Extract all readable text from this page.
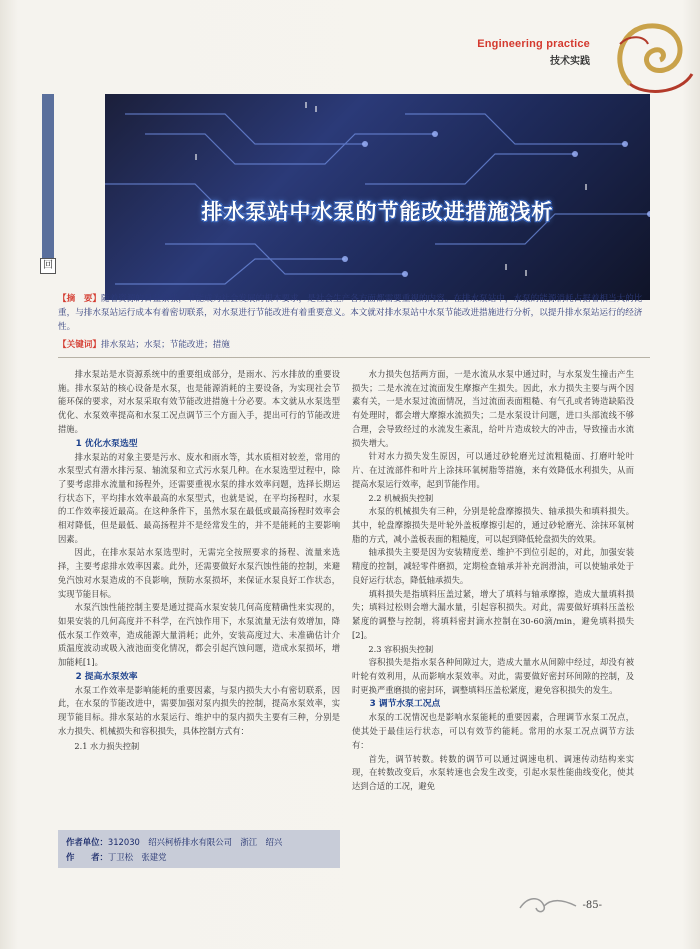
Engineering practice
技术实践
回
排水泵站中水泵的节能改进措施浅析
【摘　要】随着资源的日益紧张，节能成为社会发展的根本要求，是社会生产各方面都需要重视的内容。在排水泵站中，水泵的能源消耗占据着相当大的比重，与排水泵站运行成本有着密切联系，对水泵进行节能改进有着重要意义。本文就对排水泵站中水泵节能改进措施进行分析，以提升排水泵站运行的经济性。
【关键词】排水泵站；水泵；节能改进；措施

排水泵站是水资源系统中的重要组成部分，是雨水、污水排放的重要设施。排水泵站的核心设备是水泵，也是能源消耗的主要设备，为实现社会节能环保的要求，对水泵采取有效节能改进措施十分必要。本文就从水泵选型优化、水泵效率提高和水泵工况点调节三个方面入手，提出可行的节能改进措施。

1 优化水泵选型

排水泵站的对象主要是污水、废水和雨水等，其水质相对较差，常用的水泵型式有潜水排污泵、轴流泵和立式污水泵几种。在水泵选型过程中，除了要考虑排水流量和扬程外，还需要重视水泵的排水效率问题，选择长期运行状态下，平均排水效率最高的水泵型式，也就是说，在平均扬程时，水泵的工作效率接近最高。在这种条件下，虽然水泵在最低或最高扬程时效率会相对降低，但是最低、最高扬程并不是经常发生的，并不是能耗的主要影响因素。

因此，在排水泵站水泵选型时，无需完全按照要求的扬程、流量来选择，主要考虑排水效率因素。此外，还需要做好水泵汽蚀性能的控制，来避免汽蚀对水泵造成的不良影响，预防水泵损坏，来保证水泵良好工作状态，实现节能目标。

水泵汽蚀性能控制主要是通过提高水泵安装几何高度精确性来实现的，如果安装的几何高度并不科学，在汽蚀作用下，水泵流量无法有效增加，降低水泵工作效率，造成能源大量消耗；此外，安装高度过大、未准确估计介质温度波动或吸入液池面变化情况，都会引起汽蚀问题，造成水泵损坏，增加能耗[1]。

2 提高水泵效率

水泵工作效率是影响能耗的重要因素，与泵内损失大小有密切联系，因此，在水泵的节能改进中，需要加强对泵内损失的控制，提高水泵效率，实现节能目标。排水泵站的水泵运行、维护中的泵内损失主要有三种，分别是水力损失、机械损失和容积损失，具体控制方式有：

2.1 水力损失控制

水力损失包括两方面，一是水流从水泵中通过时，与水泵发生撞击产生损失；二是水流在过流面发生摩擦产生损失。因此，水力损失主要与两个因素有关，一是水泵过流面情况，当过流面表面粗糙、有气孔或者铸造缺陷没有处理时，都会增大摩擦水流损失；二是水泵设计问题，进口头部流线不够合理，会导致经过的水流发生紊乱，给叶片造成较大的冲击，导致撞击水流损失增大。

针对水力损失发生原因，可以通过砂轮磨光过流粗糙面、打磨叶轮叶片、在过流部件和叶片上涂抹环氧树脂等措施，来有效降低水利损失，从而提高水泵运行效率，起到节能作用。

2.2 机械损失控制

水泵的机械损失有三种，分别是轮盘摩擦损失、轴承损失和填料损失。其中，轮盘摩擦损失是叶轮外盖板摩擦引起的，通过砂轮磨光、涂抹环氧树脂的方式，减小盖板表面的粗糙度，可以起到降低轮盘损失的效果。

轴承损失主要是因为安装精度差、维护不到位引起的，对此，加强安装精度的控制，减轻零件磨损，定期检查轴承并补充润滑油，可以使轴承处于良好运行状态，降低轴承损失。

填料损失是指填料压盖过紧，增大了填料与轴承摩擦，造成大量填料损失；填料过松则会增大漏水量，引起容积损失。对此，需要做好填料压盖松紧度的调整与控制，将填料密封滴水控制在30-60滴/min，避免填料损失[2]。

2.3 容积损失控制

容积损失是指水泵各种间隙过大，造成大量水从间隙中经过，却没有被叶轮有效利用，从而影响水泵效率。对此，需要做好密封环间隙的控制，及时更换严重磨损的密封环，调整填料压盖松紧度，避免容积损失的发生。

3 调节水泵工况点

水泵的工况情况也是影响水泵能耗的重要因素，合理调节水泵工况点，使其处于最佳运行状态，可以有效节约能耗。常用的水泵工况点调节方法有：

首先，调节转数。转数的调节可以通过调速电机、调速传动结构来实现，在转数改变后，水泵转速也会发生改变，引起水泵性能曲线变化，使其达到合适的工况，避免

作者单位：312030　绍兴柯桥排水有限公司　浙江　绍兴
作　　者：丁卫松　张建党
-85-
